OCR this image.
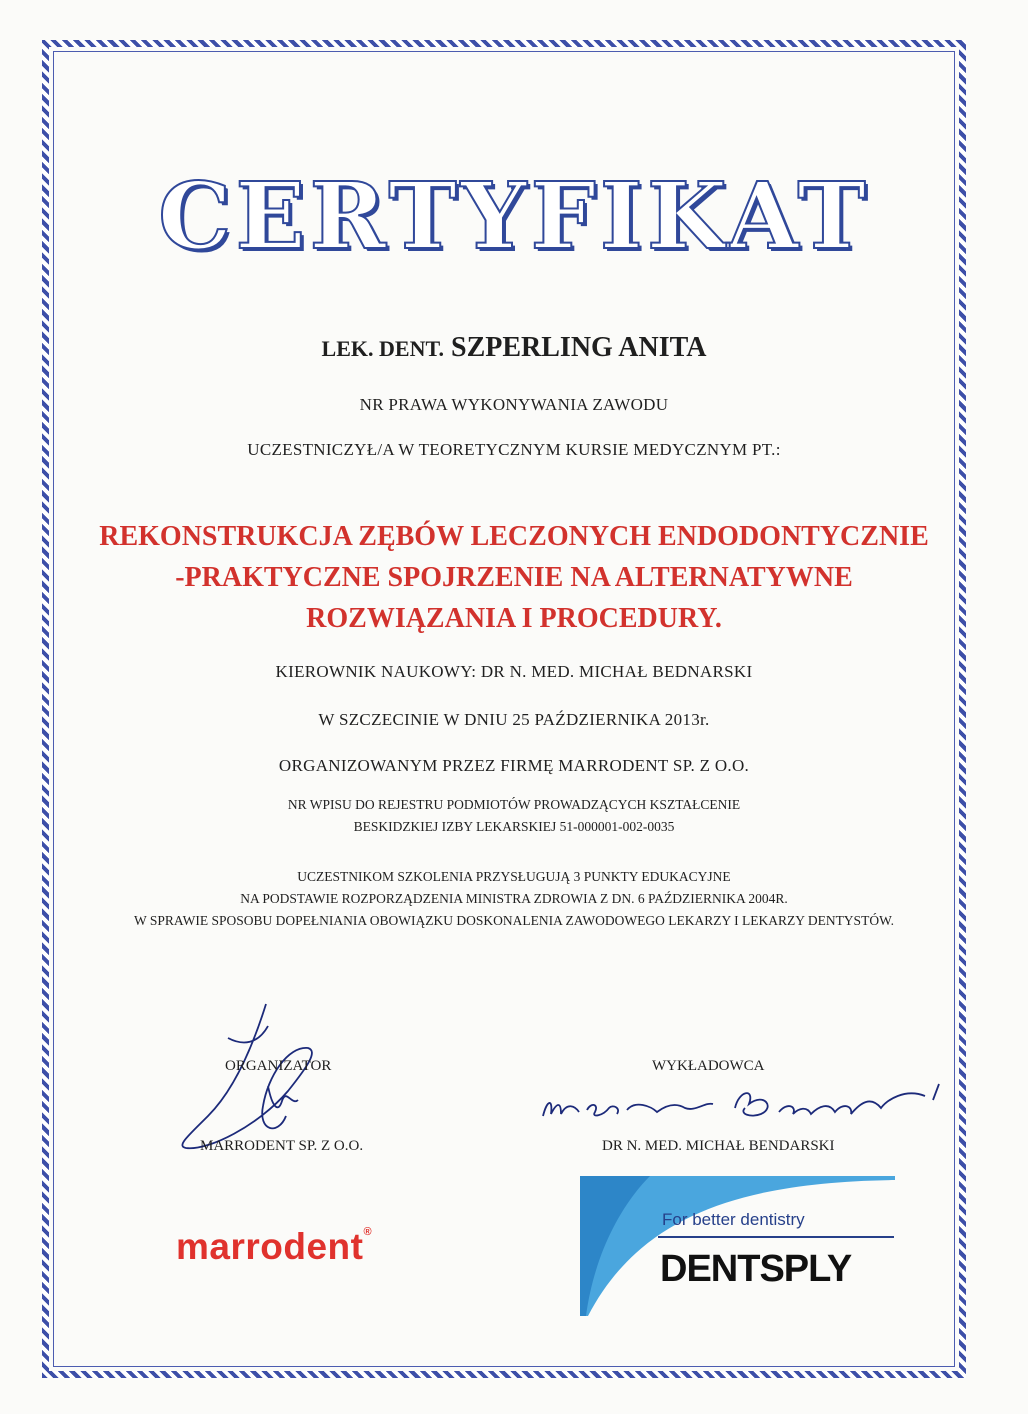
CERTYFIKAT
LEK. DENT. SZPERLING ANITA
NR PRAWA WYKONYWANIA ZAWODU
UCZESTNICZYŁ/A W TEORETYCZNYM KURSIE MEDYCZNYM PT.:
REKONSTRUKCJA ZĘBÓW LECZONYCH ENDODONTYCZNIE
-PRAKTYCZNE SPOJRZENIE NA ALTERNATYWNE
ROZWIĄZANIA I PROCEDURY.
KIEROWNIK NAUKOWY: DR N. MED. MICHAŁ BEDNARSKI
W SZCZECINIE W DNIU 25 PAŹDZIERNIKA 2013r.
ORGANIZOWANYM PRZEZ FIRMĘ MARRODENT SP. Z O.O.
NR WPISU DO REJESTRU PODMIOTÓW PROWADZĄCYCH KSZTAŁCENIE
BESKIDZKIEJ IZBY LEKARSKIEJ 51-000001-002-0035
UCZESTNIKOM SZKOLENIA PRZYSŁUGUJĄ 3 PUNKTY EDUKACYJNE
NA PODSTAWIE ROZPORZĄDZENIA MINISTRA ZDROWIA Z DN. 6 PAŹDZIERNIKA 2004R.
W SPRAWIE SPOSOBU DOPEŁNIANIA OBOWIĄZKU DOSKONALENIA ZAWODOWEGO LEKARZY I LEKARZY DENTYSTÓW.
ORGANIZATOR
MARRODENT SP. Z O.O.
WYKŁADOWCA
DR N. MED. MICHAŁ BENDARSKI
marrodent®
For better dentistry
DENTSPLY
